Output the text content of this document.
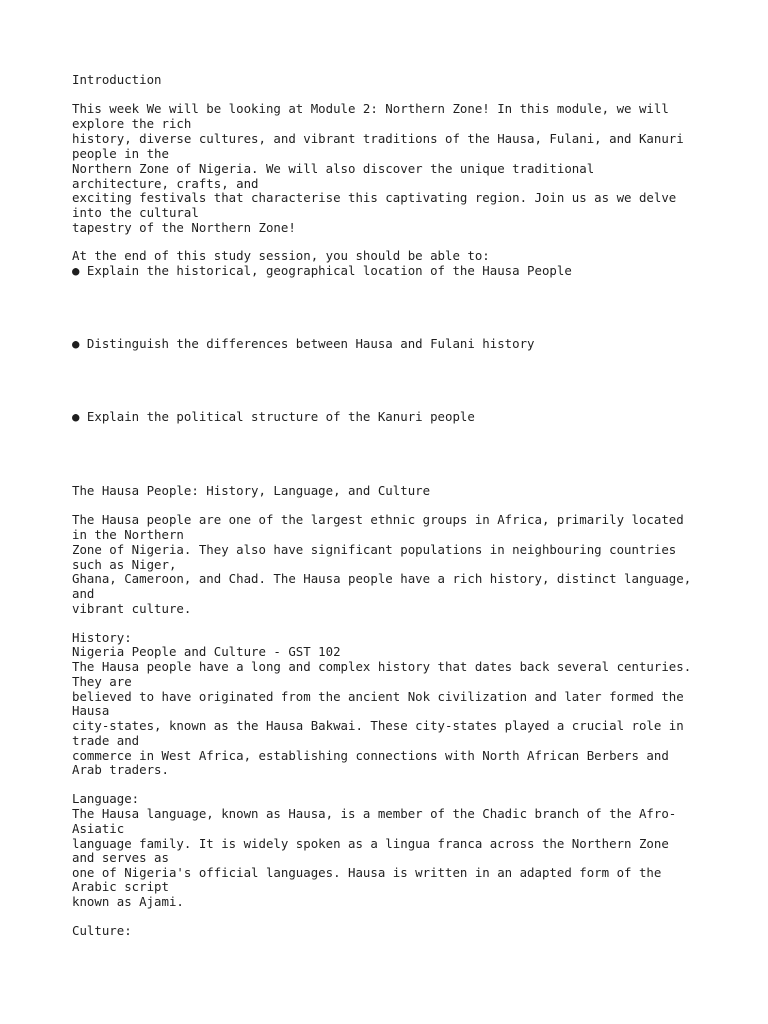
Introduction

This week We will be looking at Module 2: Northern Zone! In this module, we will

explore the rich

history, diverse cultures, and vibrant traditions of the Hausa, Fulani, and Kanuri

people in the

Northern Zone of Nigeria. We will also discover the unique traditional

architecture, crafts, and

exciting festivals that characterise this captivating region. Join us as we delve

into the cultural

tapestry of the Northern Zone!

At the end of this study session, you should be able to:

● Explain the historical, geographical location of the Hausa People

● Distinguish the differences between Hausa and Fulani history

● Explain the political structure of the Kanuri people

The Hausa People: History, Language, and Culture

The Hausa people are one of the largest ethnic groups in Africa, primarily located

in the Northern

Zone of Nigeria. They also have significant populations in neighbouring countries

such as Niger,

Ghana, Cameroon, and Chad. The Hausa people have a rich history, distinct language,

and

vibrant culture.

History:

Nigeria People and Culture - GST 102

The Hausa people have a long and complex history that dates back several centuries.

They are

believed to have originated from the ancient Nok civilization and later formed the

Hausa

city-states, known as the Hausa Bakwai. These city-states played a crucial role in

trade and

commerce in West Africa, establishing connections with North African Berbers and

Arab traders.

Language:

The Hausa language, known as Hausa, is a member of the Chadic branch of the Afro-

Asiatic

language family. It is widely spoken as a lingua franca across the Northern Zone

and serves as

one of Nigeria's official languages. Hausa is written in an adapted form of the

Arabic script

known as Ajami.

Culture:
